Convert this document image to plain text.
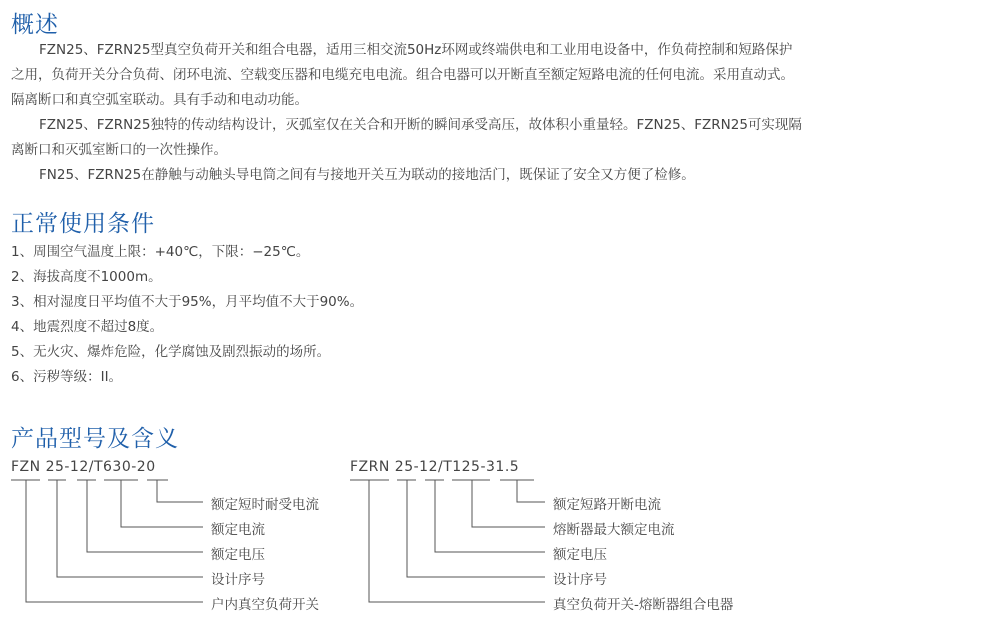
概述
FZN25、FZRN25型真空负荷开关和组合电器，适用三相交流50Hz环网或终端供电和工业用电设备中，作负荷控制和短路保护
之用，负荷开关分合负荷、闭环电流、空载变压器和电缆充电电流。组合电器可以开断直至额定短路电流的任何电流。采用直动式。
隔离断口和真空弧室联动。具有手动和电动功能。
FZN25、FZRN25独特的传动结构设计，灭弧室仅在关合和开断的瞬间承受高压，故体积小重量轻。FZN25、FZRN25可实现隔
离断口和灭弧室断口的一次性操作。
FN25、FZRN25在静触与动触头导电筒之间有与接地开关互为联动的接地活门，既保证了安全又方便了检修。
正常使用条件
1、周围空气温度上限：+40℃，下限：−25℃。
2、海拔高度不1000m。
3、相对湿度日平均值不大于95%，月平均值不大于90%。
4、地震烈度不超过8度。
5、无火灾、爆炸危险，化学腐蚀及剧烈振动的场所。
6、污秽等级：II。
产品型号及含义
FZN 25-12/T630-20	FZRN 25-12/T125-31.5
额定短时耐受电流
额定电流
额定电压
设计序号
户内真空负荷开关
额定短路开断电流
熔断器最大额定电流
额定电压
设计序号
真空负荷开关-熔断器组合电器
